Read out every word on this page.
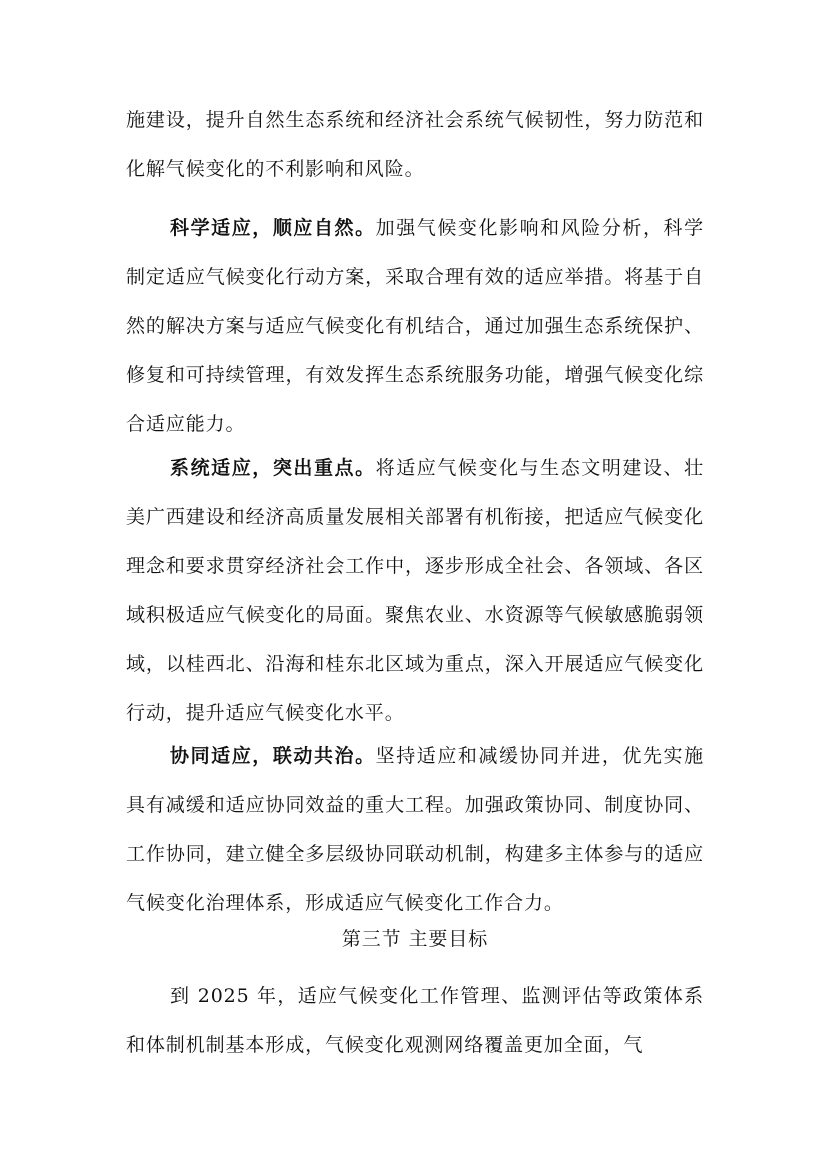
施建设，提升自然生态系统和经济社会系统气候韧性，努力防范和化解气候变化的不利影响和风险。

科学适应，顺应自然。加强气候变化影响和风险分析，科学制定适应气候变化行动方案，采取合理有效的适应举措。将基于自然的解决方案与适应气候变化有机结合，通过加强生态系统保护、修复和可持续管理，有效发挥生态系统服务功能，增强气候变化综合适应能力。

系统适应，突出重点。将适应气候变化与生态文明建设、壮美广西建设和经济高质量发展相关部署有机衔接，把适应气候变化理念和要求贯穿经济社会工作中，逐步形成全社会、各领域、各区域积极适应气候变化的局面。聚焦农业、水资源等气候敏感脆弱领域，以桂西北、沿海和桂东北区域为重点，深入开展适应气候变化行动，提升适应气候变化水平。

协同适应，联动共治。坚持适应和减缓协同并进，优先实施具有减缓和适应协同效益的重大工程。加强政策协同、制度协同、工作协同，建立健全多层级协同联动机制，构建多主体参与的适应气候变化治理体系，形成适应气候变化工作合力。

第三节 主要目标

到 2025 年，适应气候变化工作管理、监测评估等政策体系和体制机制基本形成，气候变化观测网络覆盖更加全面，气
